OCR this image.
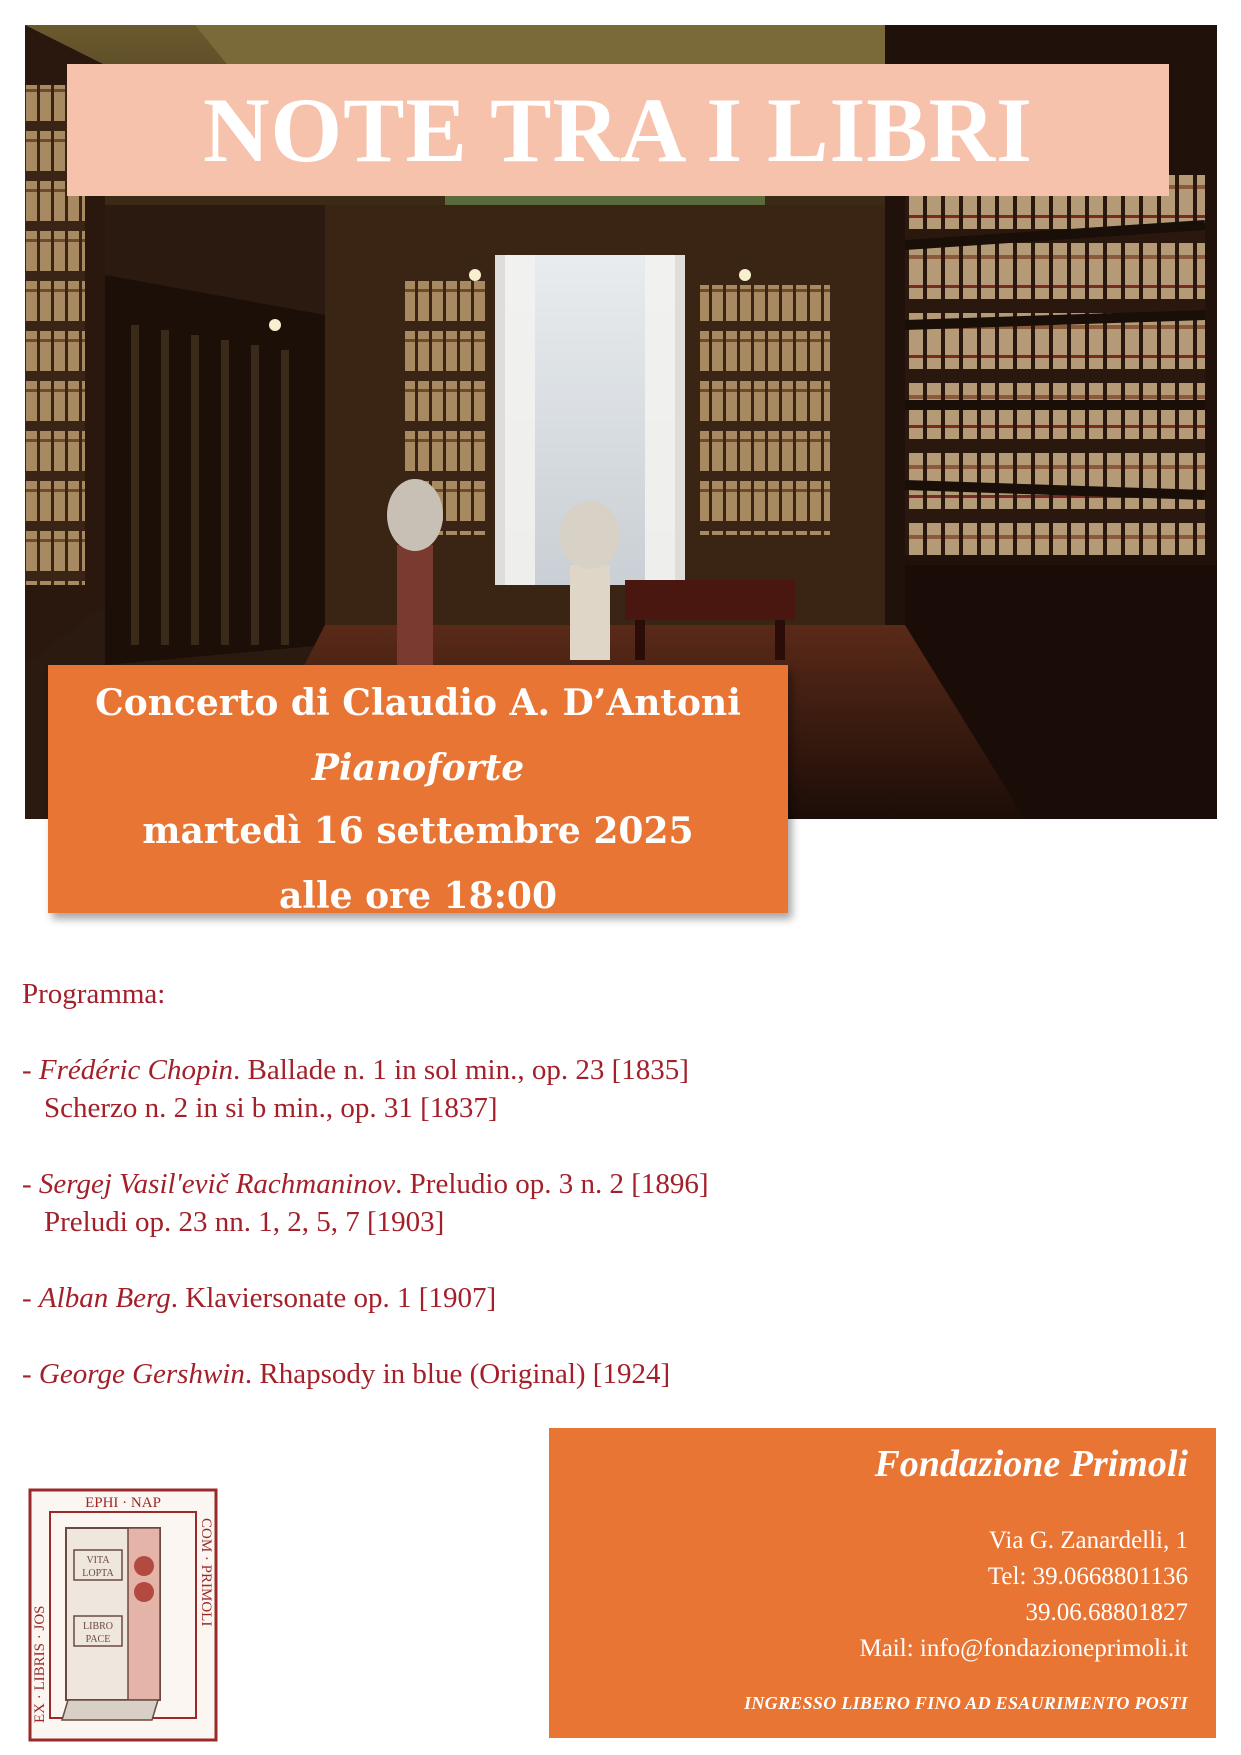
NOTE TRA I LIBRI
Concerto di Claudio A. D’Antoni
Pianoforte
martedì 16 settembre 2025
alle ore 18:00
Programma:
- Frédéric Chopin. Ballade n. 1 in sol min., op. 23 [1835]
Scherzo n. 2 in si b min., op. 31 [1837]
- Sergej Vasil'evič Rachmaninov. Preludio op. 3 n. 2 [1896]
Preludi op. 23 nn. 1, 2, 5, 7 [1903]
- Alban Berg. Klaviersonate op. 1 [1907]
- George Gershwin. Rhapsody in blue (Original) [1924]
EPHI · NAP
EX · LIBRIS · JOS
COM · PRIMOLI
VITA
LOPTA
LIBRO
PACE
Fondazione Primoli
Via G. Zanardelli, 1
Tel: 39.0668801136
39.06.68801827
Mail: info@fondazioneprimoli.it
INGRESSO LIBERO FINO AD ESAURIMENTO POSTI
